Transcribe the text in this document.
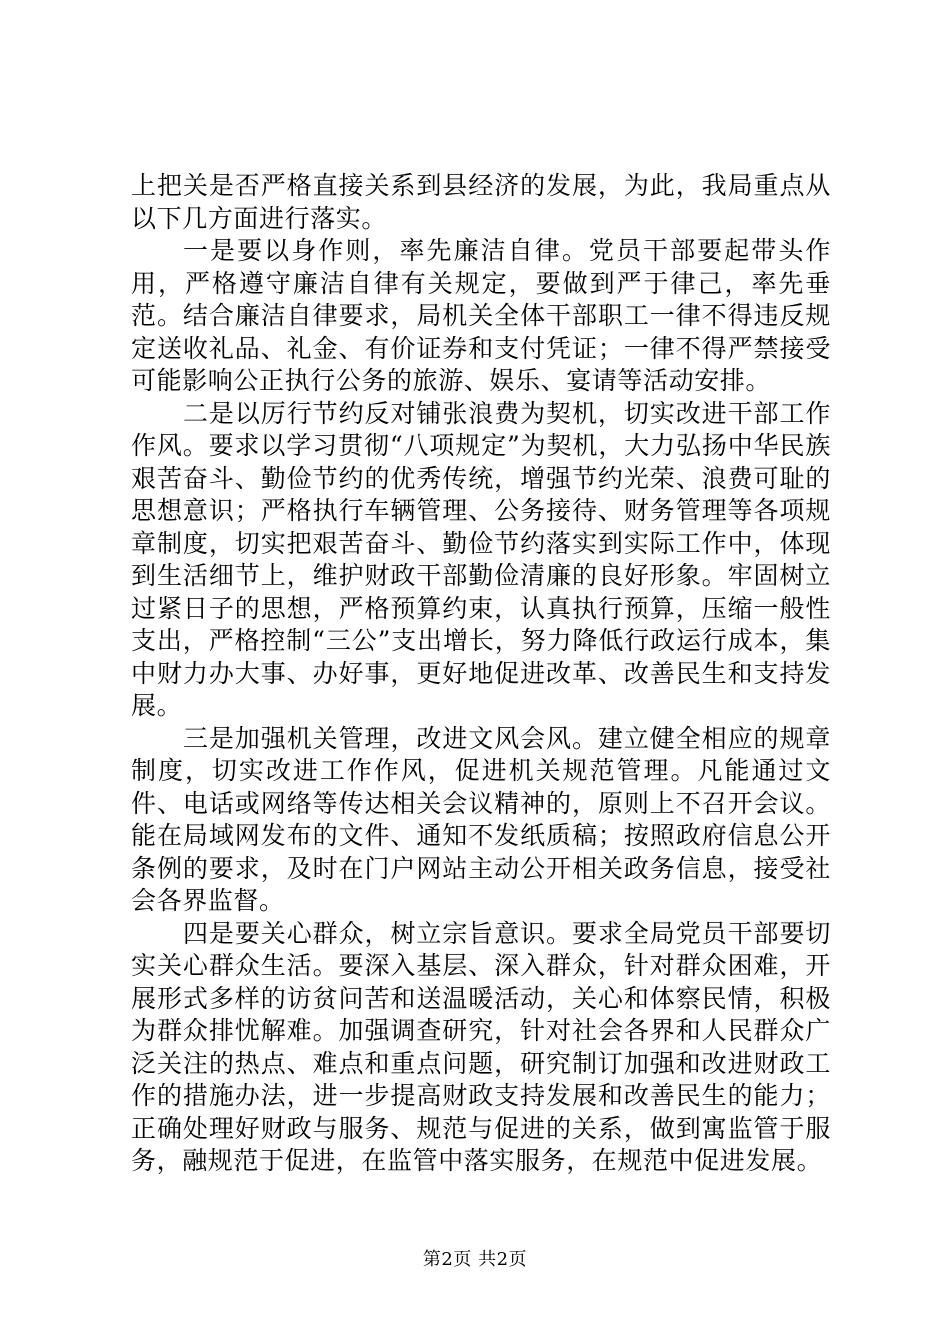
上把关是否严格直接关系到县经济的发展，为此，我局重点从以下几方面进行落实。

一是要以身作则，率先廉洁自律。党员干部要起带头作用，严格遵守廉洁自律有关规定，要做到严于律己，率先垂范。结合廉洁自律要求，局机关全体干部职工一律不得违反规定送收礼品、礼金、有价证券和支付凭证；一律不得严禁接受可能影响公正执行公务的旅游、娱乐、宴请等活动安排。

二是以厉行节约反对铺张浪费为契机，切实改进干部工作作风。要求以学习贯彻“八项规定”为契机，大力弘扬中华民族艰苦奋斗、勤俭节约的优秀传统，增强节约光荣、浪费可耻的思想意识；严格执行车辆管理、公务接待、财务管理等各项规章制度，切实把艰苦奋斗、勤俭节约落实到实际工作中，体现到生活细节上，维护财政干部勤俭清廉的良好形象。牢固树立过紧日子的思想，严格预算约束，认真执行预算，压缩一般性支出，严格控制“三公”支出增长，努力降低行政运行成本，集中财力办大事、办好事，更好地促进改革、改善民生和支持发展。

三是加强机关管理，改进文风会风。建立健全相应的规章制度，切实改进工作作风，促进机关规范管理。凡能通过文件、电话或网络等传达相关会议精神的，原则上不召开会议。能在局域网发布的文件、通知不发纸质稿；按照政府信息公开条例的要求，及时在门户网站主动公开相关政务信息，接受社会各界监督。

四是要关心群众，树立宗旨意识。要求全局党员干部要切实关心群众生活。要深入基层、深入群众，针对群众困难，开展形式多样的访贫问苦和送温暖活动，关心和体察民情，积极为群众排忧解难。加强调查研究，针对社会各界和人民群众广泛关注的热点、难点和重点问题，研究制订加强和改进财政工作的措施办法，进一步提高财政支持发展和改善民生的能力；正确处理好财政与服务、规范与促进的关系，做到寓监管于服务，融规范于促进，在监管中落实服务，在规范中促进发展。

第2页 共2页
